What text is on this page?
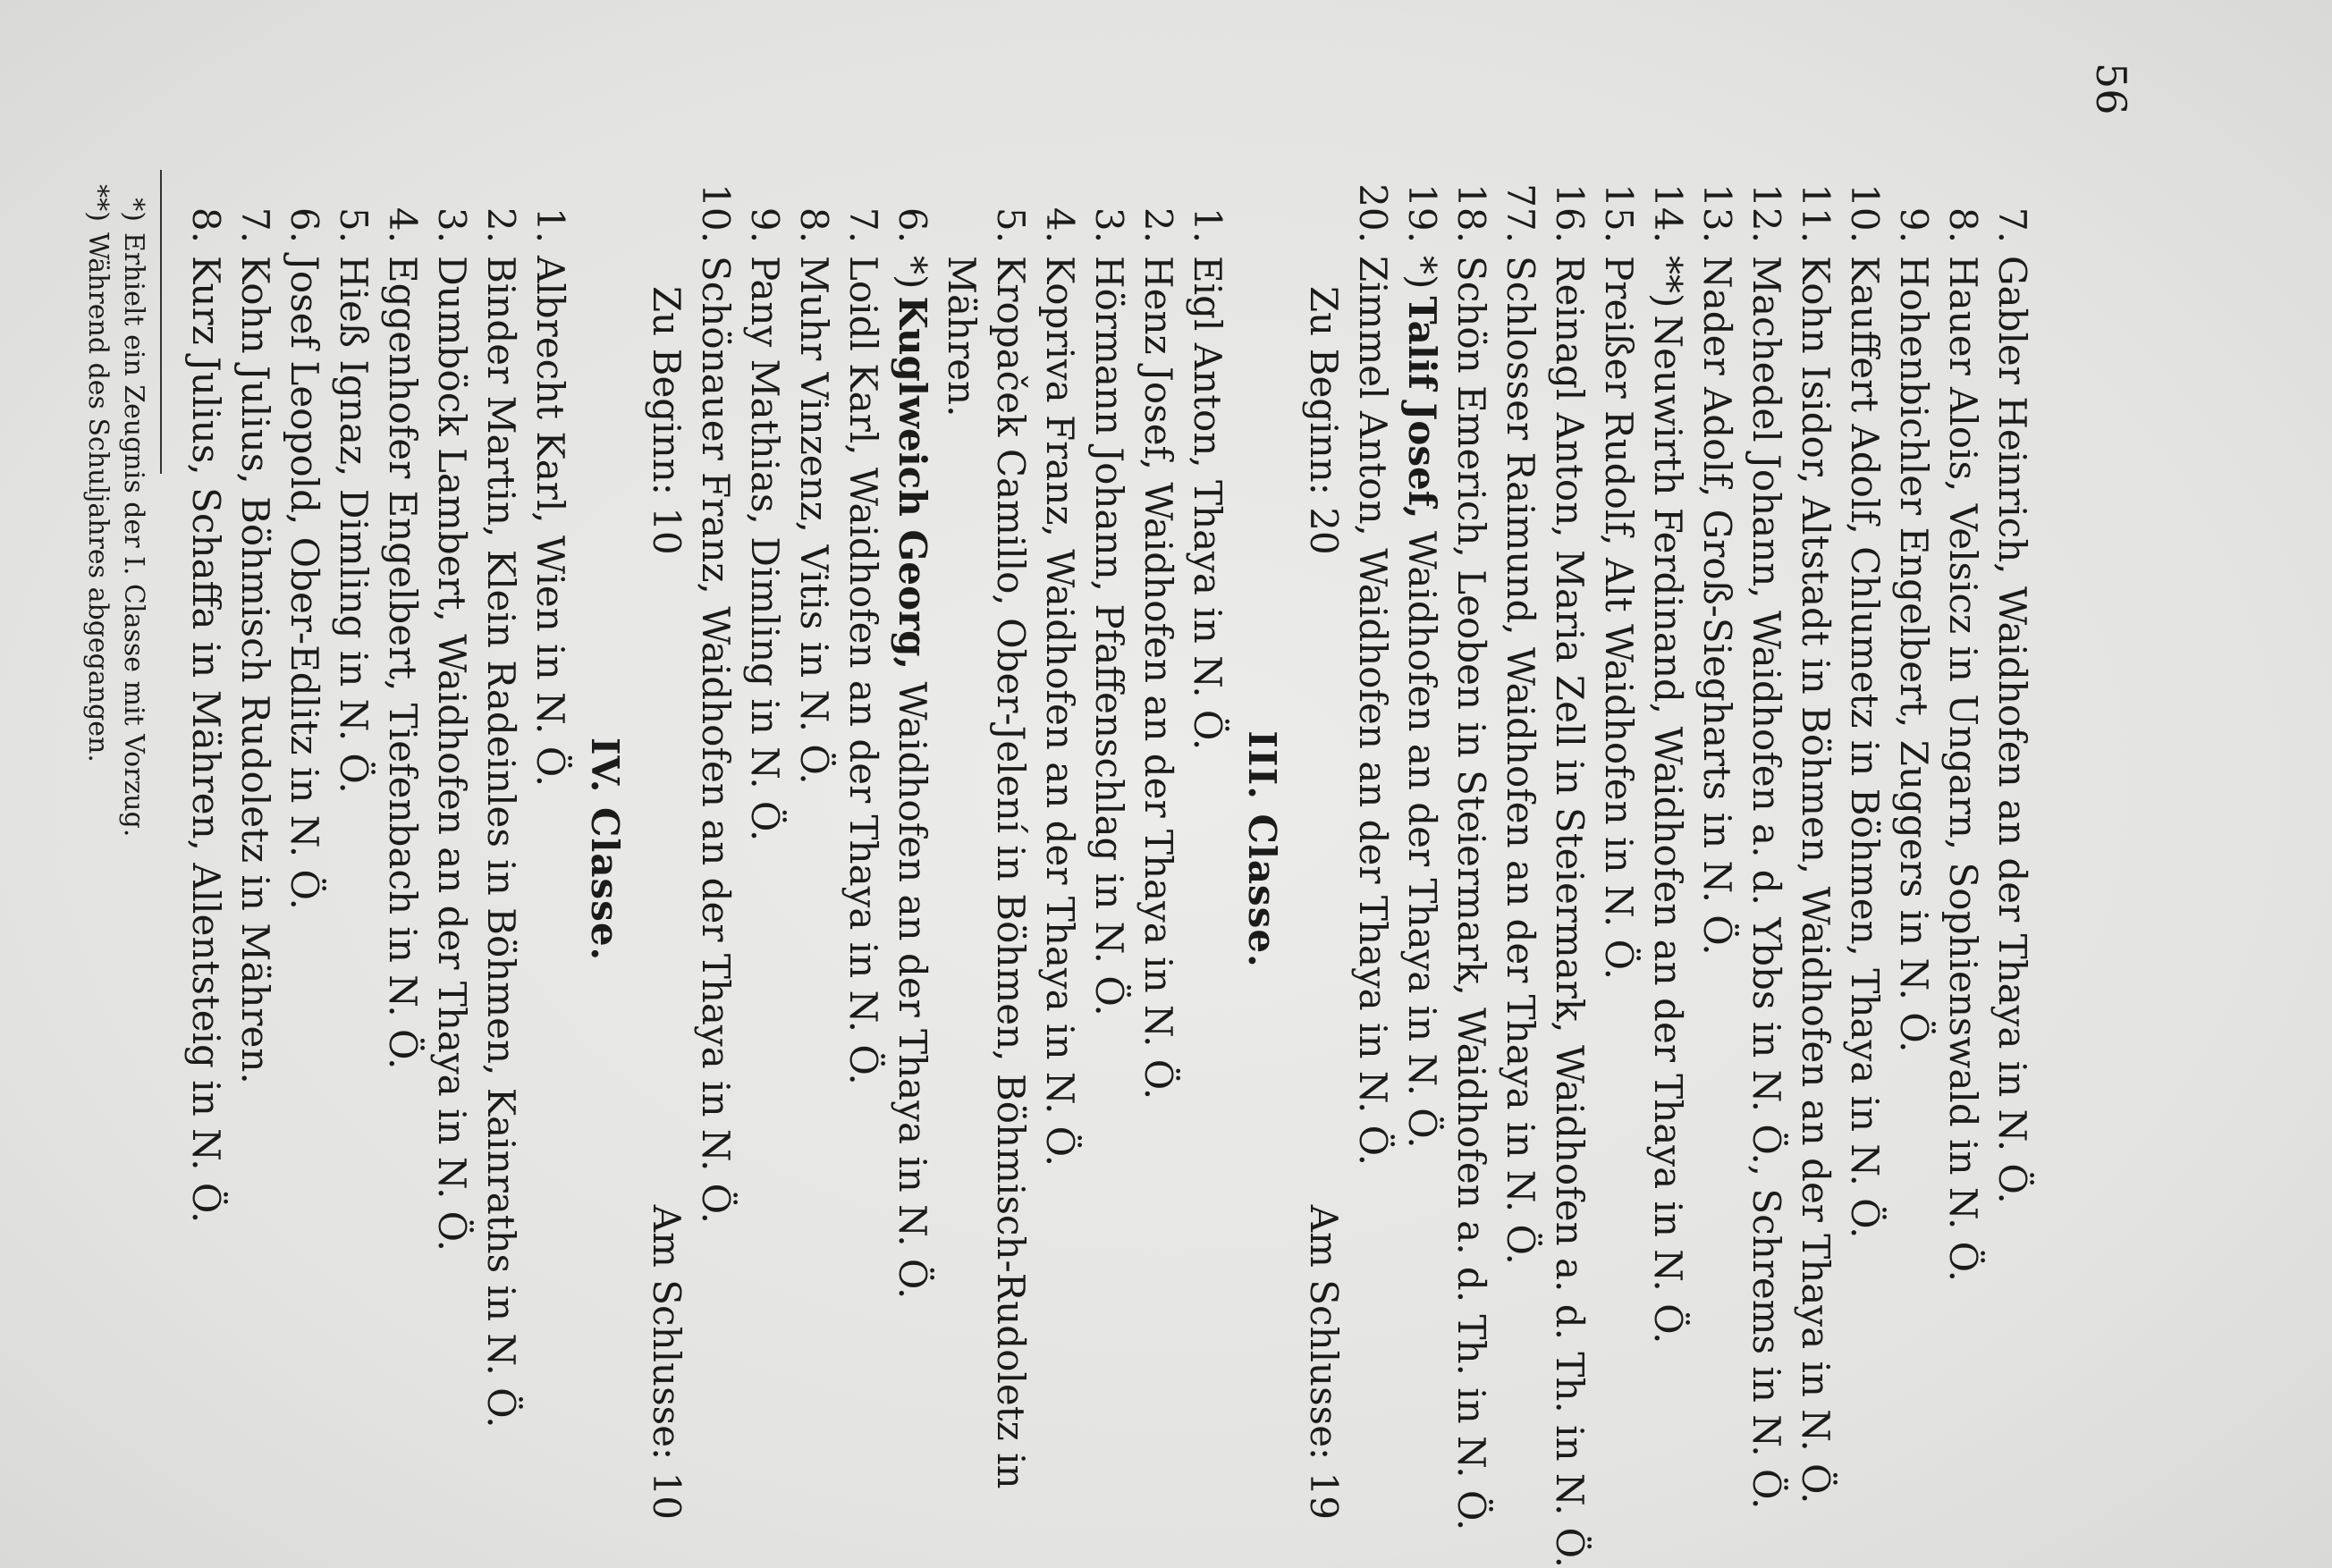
56
7.Gabler Heinrich, Waidhofen an der Thaya in N. Ö.
8.Hauer Alois, Velsicz in Ungarn, Sophienswald in N. Ö.
9.Hohenbichler Engelbert, Zuggers in N. Ö.
10.Kauffert Adolf, Chlumetz in Böhmen, Thaya in N. Ö.
11.Kohn Isidor, Altstadt in Böhmen, Waidhofen an der Thaya in N. Ö.
12.Machedel Johann, Waidhofen a. d. Ybbs in N. Ö., Schrems in N. Ö.
13.Nader Adolf, Groß-Siegharts in N. Ö.
14.**)Neuwirth Ferdinand, Waidhofen an der Thaya in N. Ö.
15.Preißer Rudolf, Alt Waidhofen in N. Ö.
16.Reinagl Anton, Maria Zell in Steiermark, Waidhofen a. d. Th. in N. Ö.
77.Schlosser Raimund, Waidhofen an der Thaya in N. Ö.
18.Schön Emerich, Leoben in Steiermark, Waidhofen a. d. Th. in N. Ö.
19.*)Talif Josef, Waidhofen an der Thaya in N. Ö.
20.Zimmel Anton, Waidhofen an der Thaya in N. Ö.
Zu Beginn: 20
Am Schlusse: 19
III. Classe.
1.Eigl Anton, Thaya in N. Ö.
2.Henz Josef, Waidhofen an der Thaya in N. Ö.
3.Hörmann Johann, Pfaffenschlag in N. Ö.
4.Kopriva Franz, Waidhofen an der Thaya in N. Ö.
5.Kropaček Camillo, Ober-Jelení in Böhmen, Böhmisch-Rudoletz in
Mähren.
6.*)Kuglweich Georg, Waidhofen an der Thaya in N. Ö.
7.Loidl Karl, Waidhofen an der Thaya in N. Ö.
8.Muhr Vinzenz, Vitis in N. Ö.
9.Pany Mathias, Dimling in N. Ö.
10.Schönauer Franz, Waidhofen an der Thaya in N. Ö.
Zu Beginn: 10
Am Schlusse: 10
IV. Classe.
1.Albrecht Karl, Wien in N. Ö.
2.Binder Martin, Klein Radeinles in Böhmen, Kainraths in N. Ö.
3.Dumböck Lambert, Waidhofen an der Thaya in N. Ö.
4.Eggenhofer Engelbert, Tiefenbach in N. Ö.
5.Hieß Ignaz, Dimling in N. Ö.
6.Josef Leopold, Ober-Edlitz in N. Ö.
7.Kohn Julius, Böhmisch Rudoletz in Mähren.
8.Kurz Julius, Schaffa in Mähren, Allentsteig in N. Ö.
*)Erhielt ein Zeugnis der I. Classe mit Vorzug.
**)Während des Schuljahres abgegangen.
